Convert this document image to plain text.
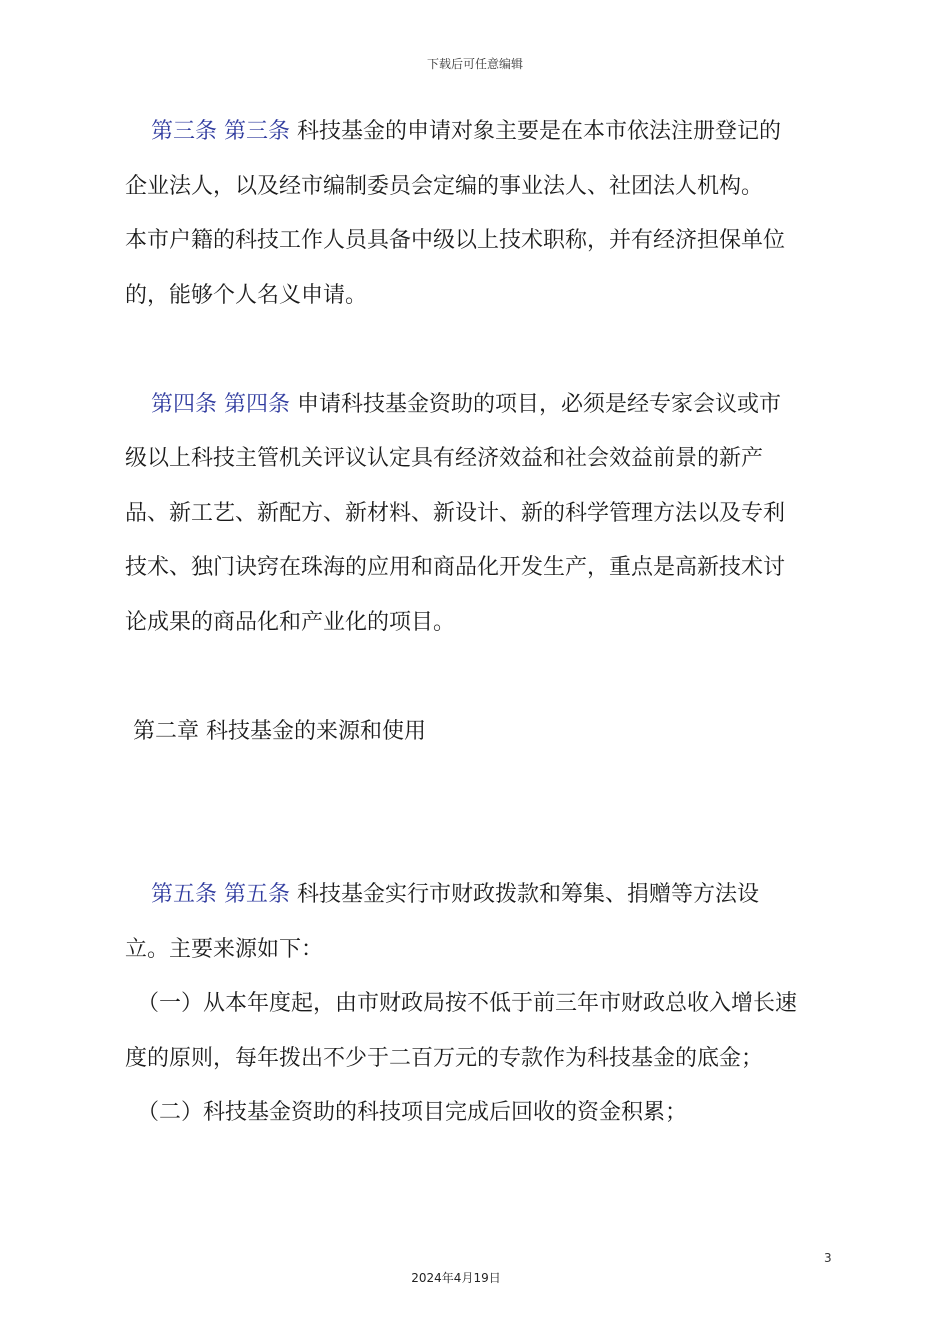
下载后可任意编辑

第三条 第三条 科技基金的申请对象主要是在本市依法注册登记的

企业法人，以及经市编制委员会定编的事业法人、社团法人机构。

本市户籍的科技工作人员具备中级以上技术职称，并有经济担保单位

的，能够个人名义申请。

第四条 第四条 申请科技基金资助的项目，必须是经专家会议或市

级以上科技主管机关评议认定具有经济效益和社会效益前景的新产

品、新工艺、新配方、新材料、新设计、新的科学管理方法以及专利

技术、独门诀窍在珠海的应用和商品化开发生产，重点是高新技术讨

论成果的商品化和产业化的项目。

第二章 科技基金的来源和使用

第五条 第五条 科技基金实行市财政拨款和筹集、捐赠等方法设

立。主要来源如下：

（一）从本年度起，由市财政局按不低于前三年市财政总收入增长速

度的原则，每年拨出不少于二百万元的专款作为科技基金的底金；

（二）科技基金资助的科技项目完成后回收的资金积累；

3
2024年4月19日
